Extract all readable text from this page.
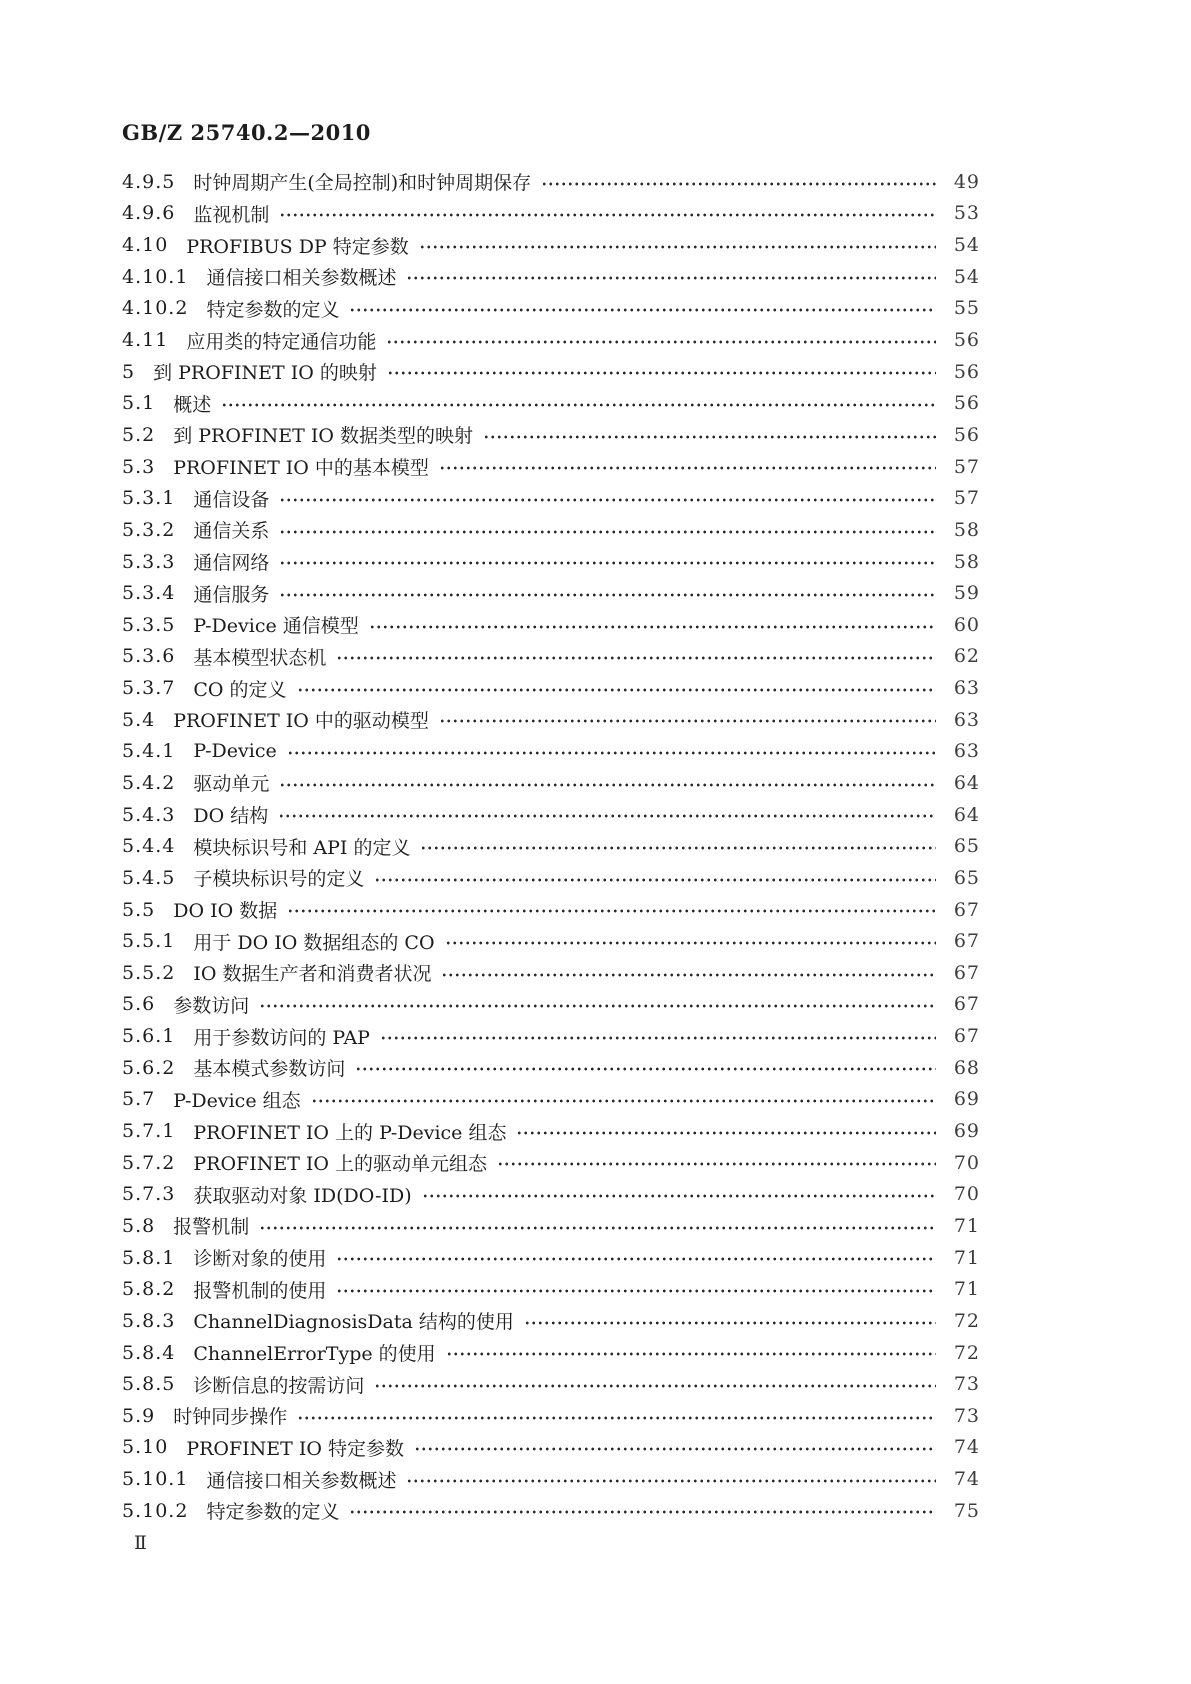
GB/Z 25740.2—2010
4.9.5 时钟周期产生(全局控制)和时钟周期保存	49
4.9.6 监视机制	53
4.10 PROFIBUS DP 特定参数	54
4.10.1 通信接口相关参数概述	54
4.10.2 特定参数的定义	55
4.11 应用类的特定通信功能	56
5 到 PROFINET IO 的映射	56
5.1 概述	56
5.2 到 PROFINET IO 数据类型的映射	56
5.3 PROFINET IO 中的基本模型	57
5.3.1 通信设备	57
5.3.2 通信关系	58
5.3.3 通信网络	58
5.3.4 通信服务	59
5.3.5 P-Device 通信模型	60
5.3.6 基本模型状态机	62
5.3.7 CO 的定义	63
5.4 PROFINET IO 中的驱动模型	63
5.4.1 P-Device	63
5.4.2 驱动单元	64
5.4.3 DO 结构	64
5.4.4 模块标识号和 API 的定义	65
5.4.5 子模块标识号的定义	65
5.5 DO IO 数据	67
5.5.1 用于 DO IO 数据组态的 CO	67
5.5.2 IO 数据生产者和消费者状况	67
5.6 参数访问	67
5.6.1 用于参数访问的 PAP	67
5.6.2 基本模式参数访问	68
5.7 P-Device 组态	69
5.7.1 PROFINET IO 上的 P-Device 组态	69
5.7.2 PROFINET IO 上的驱动单元组态	70
5.7.3 获取驱动对象 ID(DO-ID)	70
5.8 报警机制	71
5.8.1 诊断对象的使用	71
5.8.2 报警机制的使用	71
5.8.3 ChannelDiagnosisData 结构的使用	72
5.8.4 ChannelErrorType 的使用	72
5.8.5 诊断信息的按需访问	73
5.9 时钟同步操作	73
5.10 PROFINET IO 特定参数	74
5.10.1 通信接口相关参数概述	74
5.10.2 特定参数的定义	75
Ⅱ
